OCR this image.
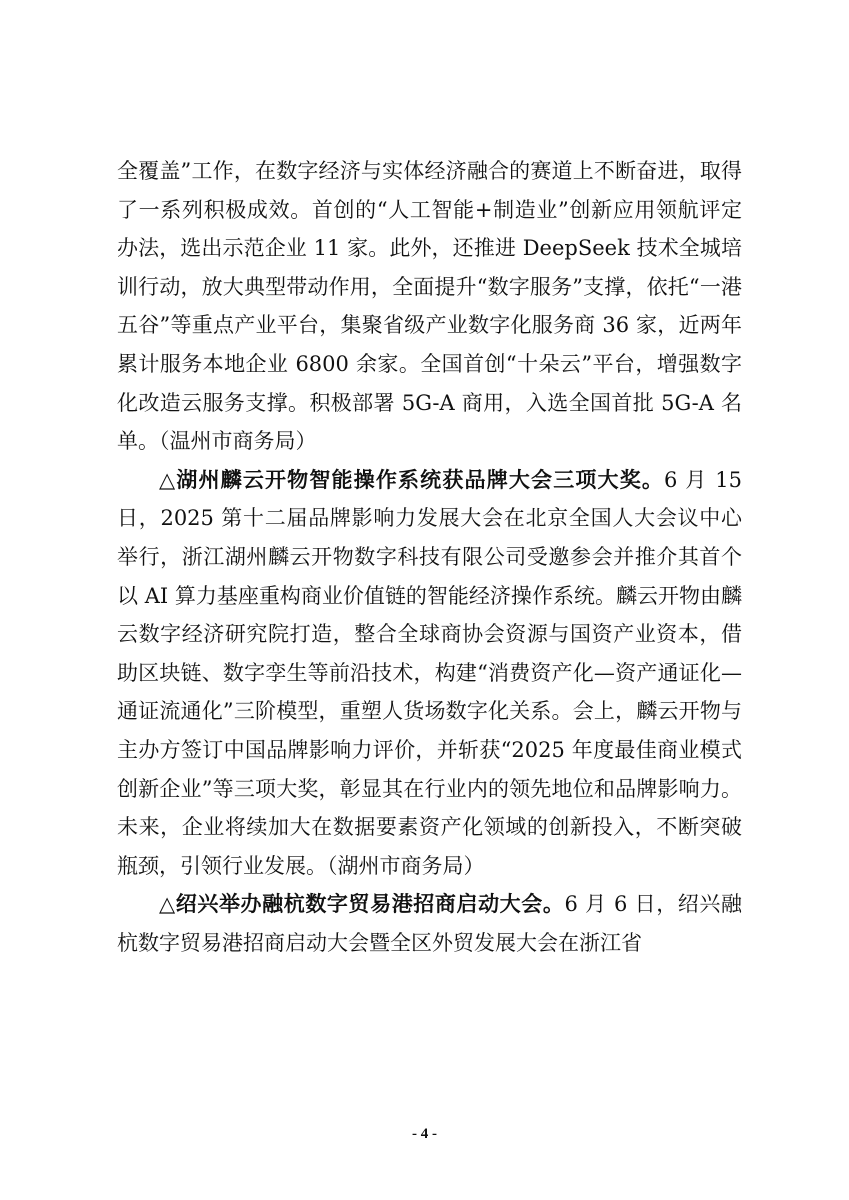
全覆盖”工作，在数字经济与实体经济融合的赛道上不断奋进，取得了一系列积极成效。首创的“人工智能+制造业”创新应用领航评定办法，选出示范企业 11 家。此外，还推进 DeepSeek 技术全城培训行动，放大典型带动作用，全面提升“数字服务”支撑，依托“一港五谷”等重点产业平台，集聚省级产业数字化服务商 36 家，近两年累计服务本地企业 6800 余家。全国首创“十朵云”平台，增强数字化改造云服务支撑。积极部署 5G-A 商用，入选全国首批 5G-A 名单。（温州市商务局）

△湖州麟云开物智能操作系统获品牌大会三项大奖。6 月 15 日，2025 第十二届品牌影响力发展大会在北京全国人大会议中心举行，浙江湖州麟云开物数字科技有限公司受邀参会并推介其首个以 AI 算力基座重构商业价值链的智能经济操作系统。麟云开物由麟云数字经济研究院打造，整合全球商协会资源与国资产业资本，借助区块链、数字孪生等前沿技术，构建“消费资产化—资产通证化—通证流通化”三阶模型，重塑人货场数字化关系。会上，麟云开物与主办方签订中国品牌影响力评价，并斩获“2025 年度最佳商业模式创新企业”等三项大奖，彰显其在行业内的领先地位和品牌影响力。未来，企业将续加大在数据要素资产化领域的创新投入，不断突破瓶颈，引领行业发展。（湖州市商务局）

△绍兴举办融杭数字贸易港招商启动大会。6 月 6 日，绍兴融杭数字贸易港招商启动大会暨全区外贸发展大会在浙江省

- 4 -
